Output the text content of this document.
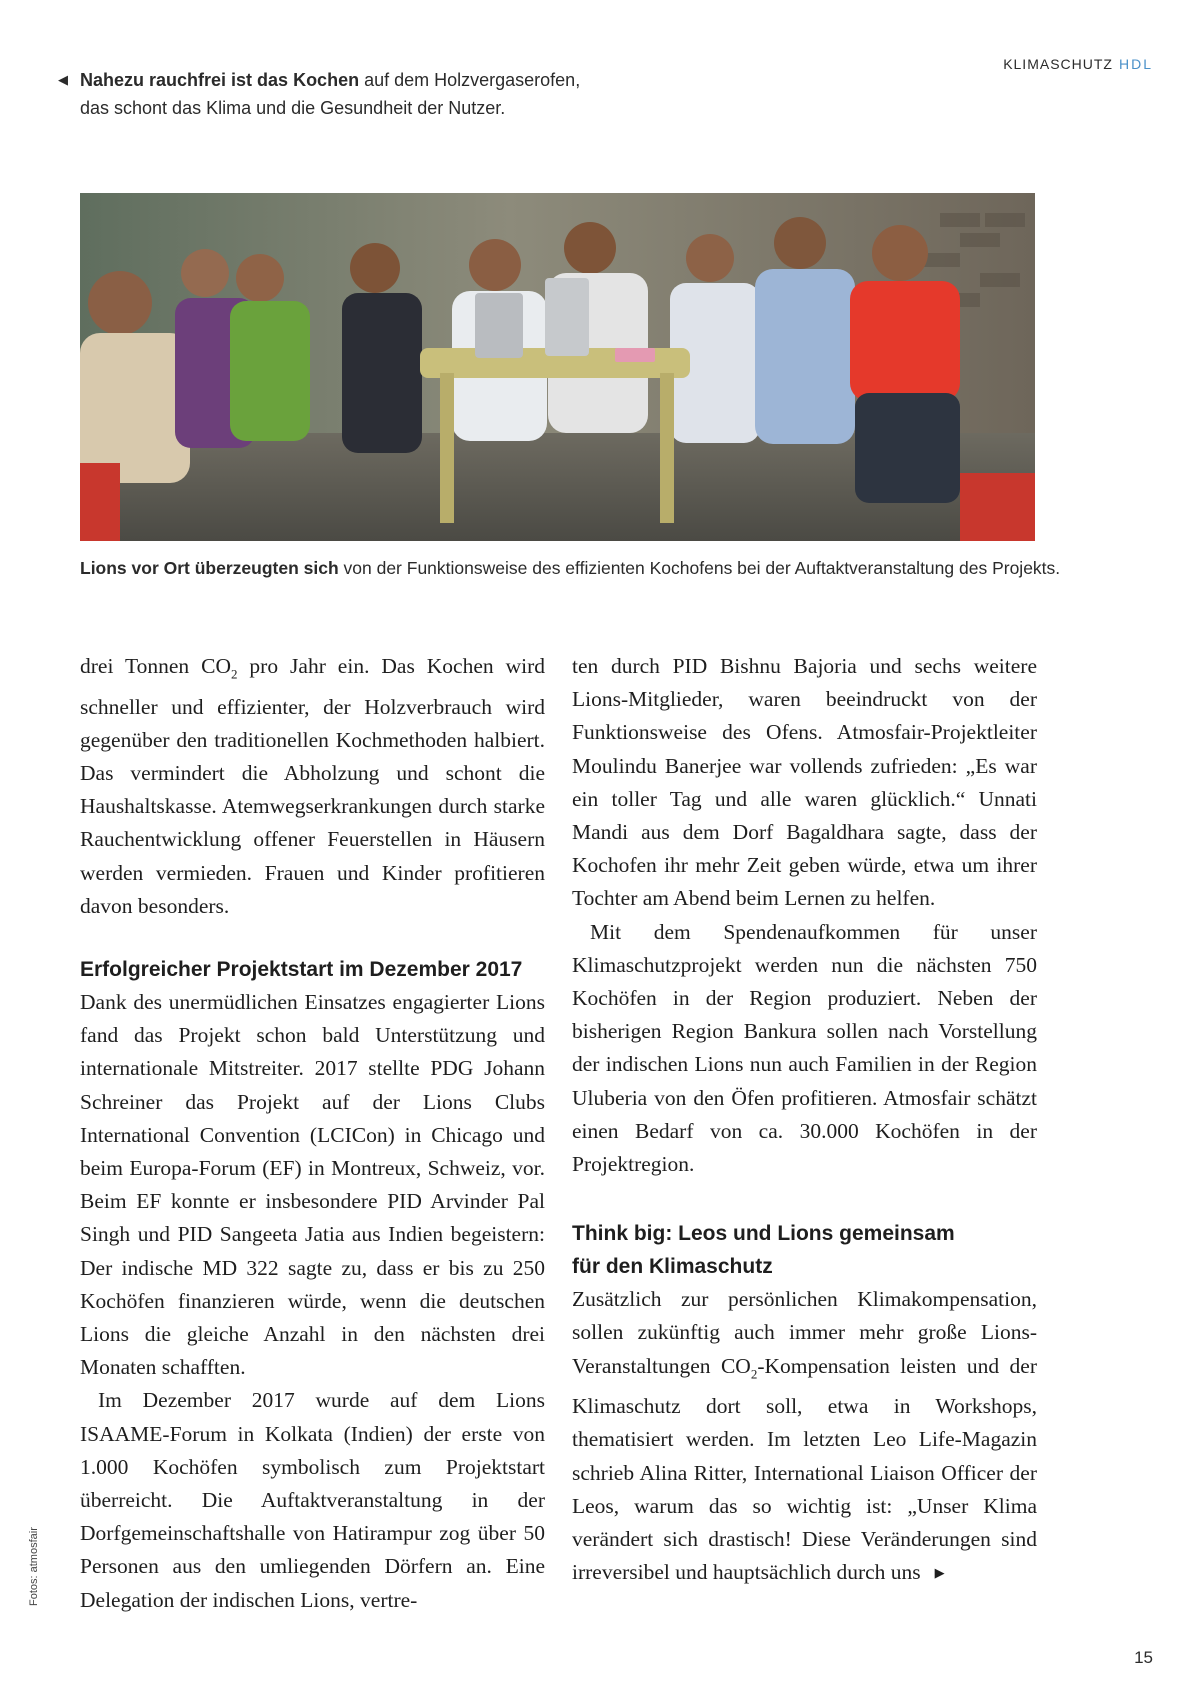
◀ Nahezu rauchfrei ist das Kochen auf dem Holzvergaserofen,
das schont das Klima und die Gesundheit der Nutzer.
KLIMASCHUTZ HDL
Lions vor Ort überzeugten sich von der Funktionsweise des effizienten Kochofens bei der Auftaktveranstaltung des Projekts.

drei Tonnen $CO_2$ pro Jahr ein. Das Kochen wird schneller und effizienter, der Holzverbrauch wird gegenüber den traditionellen Kochmethoden halbiert. Das vermindert die Abholzung und schont die Haushaltskasse. Atemwegserkrankungen durch starke Rauchentwicklung offener Feuerstellen in Häusern werden vermieden. Frauen und Kinder profitieren davon besonders.

Erfolgreicher Projektstart im Dezember 2017

Dank des unermüdlichen Einsatzes engagierter Lions fand das Projekt schon bald Unterstützung und internationale Mitstreiter. 2017 stellte PDG Johann Schreiner das Projekt auf der Lions Clubs International Convention (LCICon) in Chicago und beim Europa-Forum (EF) in Montreux, Schweiz, vor. Beim EF konnte er insbesondere PID Arvinder Pal Singh und PID Sangeeta Jatia aus Indien begeistern: Der indische MD 322 sagte zu, dass er bis zu 250 Kochöfen finanzieren würde, wenn die deutschen Lions die gleiche Anzahl in den nächsten drei Monaten schafften.

Im Dezember 2017 wurde auf dem Lions ISAAME-Forum in Kolkata (Indien) der erste von 1.000 Kochöfen symbolisch zum Projektstart überreicht. Die Auftaktveranstaltung in der Dorfgemeinschaftshalle von Hatirampur zog über 50 Personen aus den umliegenden Dörfern an. Eine Delegation der indischen Lions, vertre-

ten durch PID Bishnu Bajoria und sechs weitere Lions-Mitglieder, waren beeindruckt von der Funktionsweise des Ofens. Atmosfair-Projektleiter Moulindu Banerjee war vollends zufrieden: „Es war ein toller Tag und alle waren glücklich.“ Unnati Mandi aus dem Dorf Bagaldhara sagte, dass der Kochofen ihr mehr Zeit geben würde, etwa um ihrer Tochter am Abend beim Lernen zu helfen.

Mit dem Spendenaufkommen für unser Klimaschutzprojekt werden nun die nächsten 750 Kochöfen in der Region produziert. Neben der bisherigen Region Bankura sollen nach Vorstellung der indischen Lions nun auch Familien in der Region Uluberia von den Öfen profitieren. Atmosfair schätzt einen Bedarf von ca. 30.000 Kochöfen in der Projektregion.

Think big: Leos und Lions gemeinsam
für den Klimaschutz

Zusätzlich zur persönlichen Klimakompensation, sollen zukünftig auch immer mehr große Lions-Veranstaltungen $CO_2$-Kompensation leisten und der Klimaschutz dort soll, etwa in Workshops, thematisiert werden. Im letzten Leo Life-Magazin schrieb Alina Ritter, International Liaison Officer der Leos, warum das so wichtig ist: „Unser Klima verändert sich drastisch! Diese Veränderungen sind irreversibel und hauptsächlich durch uns ▶

Fotos: atmosfair
15
